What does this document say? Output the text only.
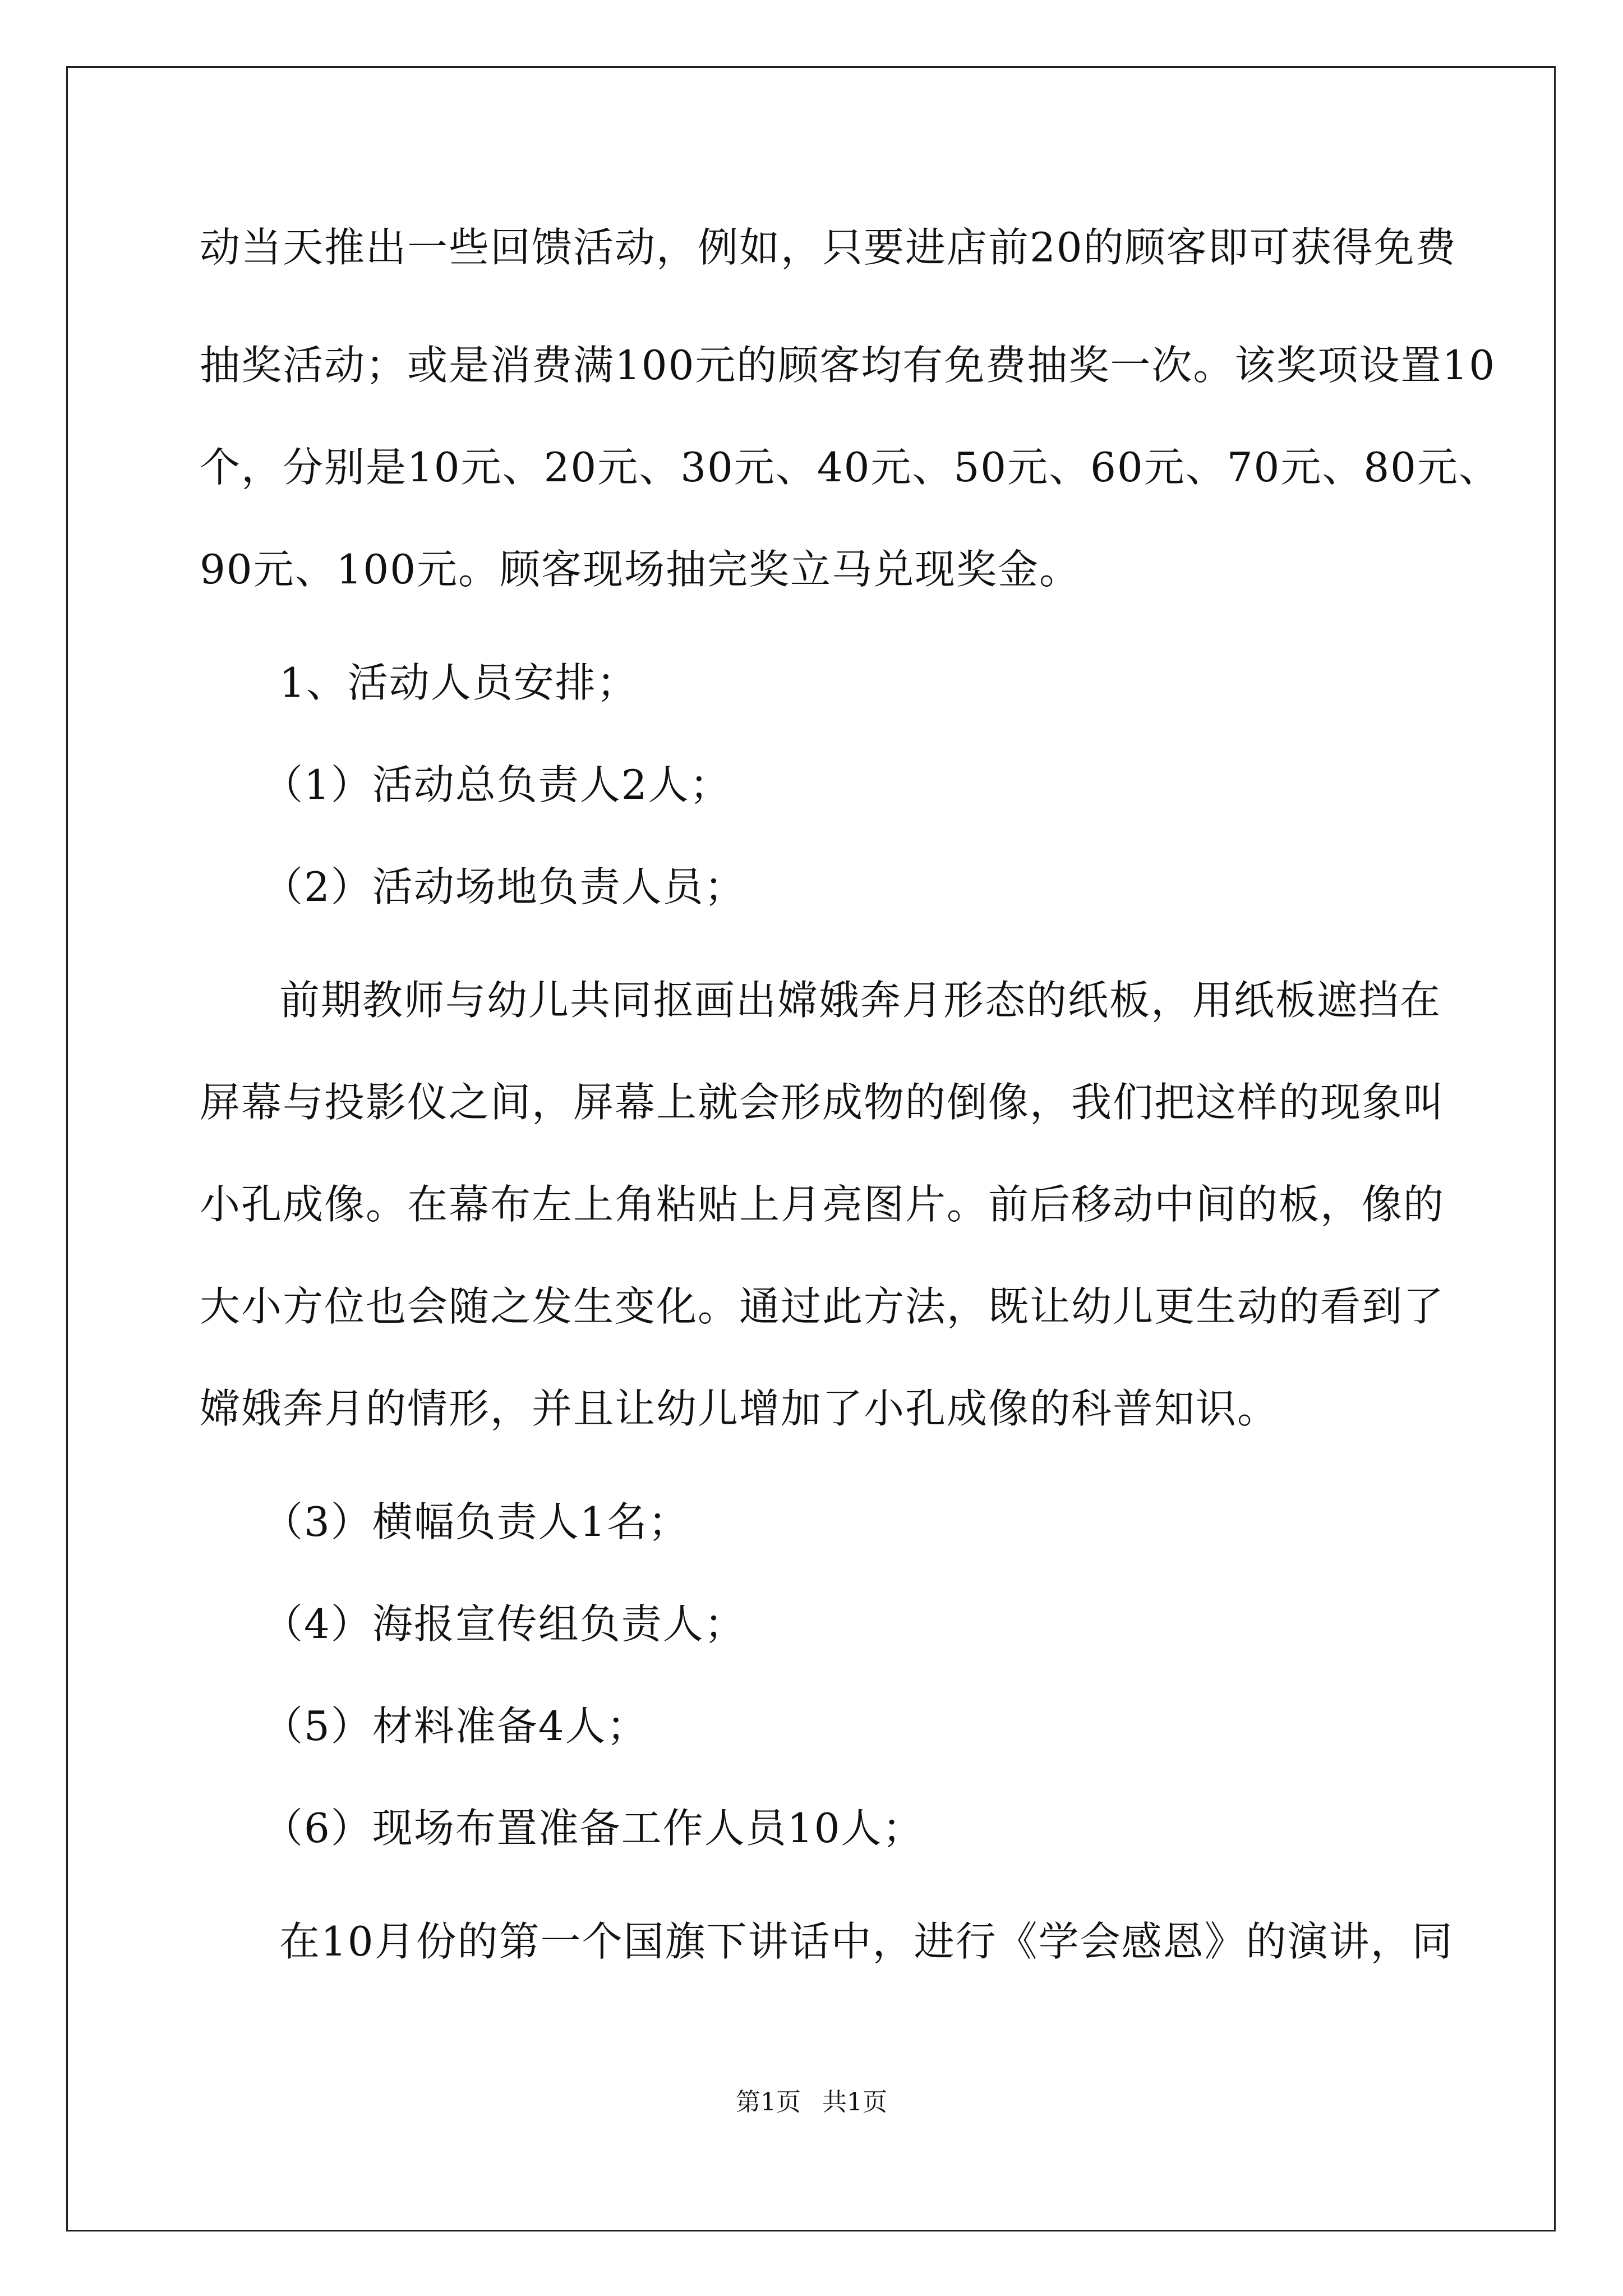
动当天推出一些回馈活动，例如，只要进店前20的顾客即可获得免费
抽奖活动；或是消费满100元的顾客均有免费抽奖一次。该奖项设置10
个，分别是10元、20元、30元、40元、50元、60元、70元、80元、
90元、100元。顾客现场抽完奖立马兑现奖金。
1、活动人员安排；
（1）活动总负责人2人；
（2）活动场地负责人员；
前期教师与幼儿共同抠画出嫦娥奔月形态的纸板，用纸板遮挡在
屏幕与投影仪之间，屏幕上就会形成物的倒像，我们把这样的现象叫
小孔成像。在幕布左上角粘贴上月亮图片。前后移动中间的板，像的
大小方位也会随之发生变化。通过此方法，既让幼儿更生动的看到了
嫦娥奔月的情形，并且让幼儿增加了小孔成像的科普知识。
（3）横幅负责人1名；
（4）海报宣传组负责人；
（5）材料准备4人；
（6）现场布置准备工作人员10人；
在10月份的第一个国旗下讲话中，进行《学会感恩》的演讲，同
第1页 共1页
